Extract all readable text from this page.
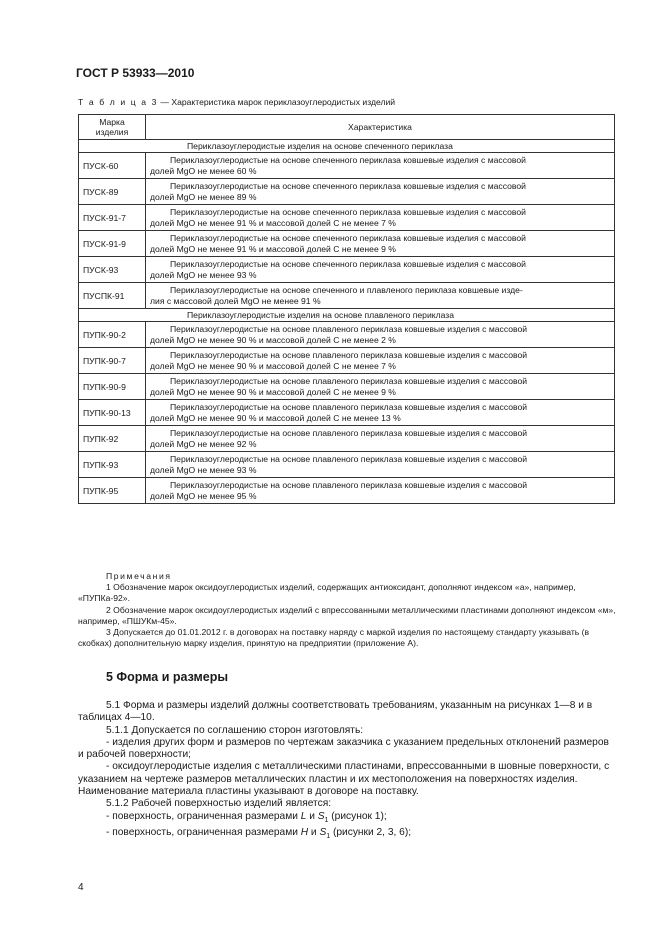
ГОСТ Р 53933—2010
Т а б л и ц а 3 — Характеристика марок периклазоуглеродистых изделий
Марка изделия	Характеристика
Периклазоуглеродистые изделия на основе спеченного периклаза	
ПУСК-60	Периклазоуглеродистые на основе спеченного периклаза ковшевые изделия с массовой
долей MgO не менее 60 %

ПУСК-89	Периклазоуглеродистые на основе спеченного периклаза ковшевые изделия с массовой
долей MgO не менее 89 %

ПУСК-91-7	Периклазоуглеродистые на основе спеченного периклаза ковшевые изделия с массовой
долей MgO не менее 91 % и массовой долей С не менее 7 %

ПУСК-91-9	Периклазоуглеродистые на основе спеченного периклаза ковшевые изделия с массовой
долей MgO не менее 91 % и массовой долей С не менее 9 %

ПУСК-93	Периклазоуглеродистые на основе спеченного периклаза ковшевые изделия с массовой
долей MgO не менее 93 %

ПУСПК-91	Периклазоуглеродистые на основе спеченного и плавленого периклаза ковшевые изде-
лия с массовой долей MgO не менее 91 %

Периклазоуглеродистые изделия на основе плавленого периклаза	
ПУПК-90-2	Периклазоуглеродистые на основе плавленого периклаза ковшевые изделия с массовой
долей MgO не менее 90 % и массовой долей С не менее 2 %

ПУПК-90-7	Периклазоуглеродистые на основе плавленого периклаза ковшевые изделия с массовой
долей MgO не менее 90 % и массовой долей С не менее 7 %

ПУПК-90-9	Периклазоуглеродистые на основе плавленого периклаза ковшевые изделия с массовой
долей MgO не менее 90 % и массовой долей С не менее 9 %

ПУПК-90-13	Периклазоуглеродистые на основе плавленого периклаза ковшевые изделия с массовой
долей MgO не менее 90 % и массовой долей С не менее 13 %

ПУПК-92	Периклазоуглеродистые на основе плавленого периклаза ковшевые изделия с массовой
долей MgO не менее 92 %

ПУПК-93	Периклазоуглеродистые на основе плавленого периклаза ковшевые изделия с массовой
долей MgO не менее 93 %

ПУПК-95	Периклазоуглеродистые на основе плавленого периклаза ковшевые изделия с массовой
долей MgO не менее 95 %
Примечания
1 Обозначение марок оксидоуглеродистых изделий, содержащих антиоксидант, дополняют индексом «а», например, «ПУПКа-92».
2 Обозначение марок оксидоуглеродистых изделий с впрессованными металлическими пластинами дополняют индексом «м», например, «ПШУКм-45».
3 Допускается до 01.01.2012 г. в договорах на поставку наряду с маркой изделия по настоящему стандарту указывать (в скобках) дополнительную марку изделия, принятую на предприятии (приложение А).
5 Форма и размеры

5.1 Форма и размеры изделий должны соответствовать требованиям, указанным на рисунках 1—8 и в таблицах 4—10.

5.1.1 Допускается по соглашению сторон изготовлять:

- изделия других форм и размеров по чертежам заказчика с указанием предельных отклонений размеров и рабочей поверхности;

- оксидоуглеродистые изделия с металлическими пластинами, впрессованными в шовные поверхности, с указанием на чертеже размеров металлических пластин и их местоположения на поверхностях изделия. Наименование материала пластины указывают в договоре на поставку.

5.1.2 Рабочей поверхностью изделий является:

- поверхность, ограниченная размерами L и $S_1$ (рисунок 1);

- поверхность, ограниченная размерами H и $S_1$ (рисунки 2, 3, 6);

4
